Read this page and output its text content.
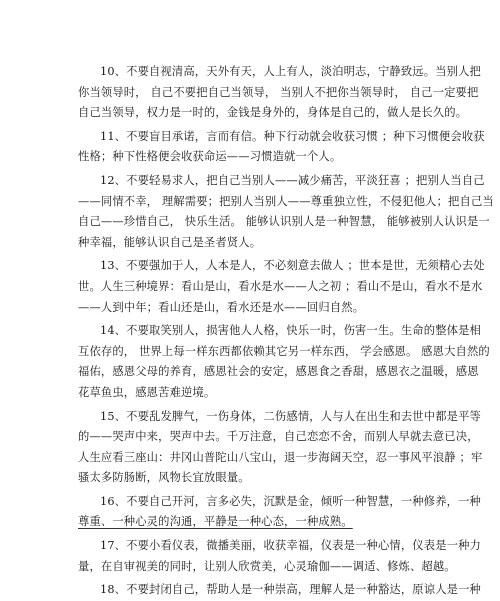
10、不要自视清高，天外有天，人上有人，淡泊明志，宁静致远。当别人把
你当领导时， 自己不要把自己当领导， 当别人不把你当领导时， 自己一定要把
自己当领导，权力是一时的，金钱是身外的，身体是自己的，做人是长久的。

11、不要盲目承诺，言而有信。种下行动就会收获习惯 ；种下习惯便会收获
性格；种下性格便会收获命运——习惯造就一个人。

12、不要轻易求人，把自己当别人——减少痛苦，平淡狂喜 ；把别人当自己
——同情不幸， 理解需要；把别人当别人——尊重独立性，不侵犯他人；把自己当
自己——珍惜自己， 快乐生活。 能够认识别人是一种智慧， 能够被别人认识是一
种幸福，能够认识自己是圣者贤人。

13、不要强加于人，人本是人，不必刻意去做人 ；世本是世，无须精心去处
世。人生三种境界：看山是山，看水是水——人之初 ；看山不是山，看水不是水
——人到中年；看山还是山，看水还是水——回归自然。

14、不要取笑别人，损害他人人格，快乐一时，伤害一生。生命的整体是相
互依存的， 世界上每一样东西都依赖其它另一样东西， 学会感恩。 感恩大自然的
福佑，感恩父母的养育，感恩社会的安定，感恩食之香甜，感恩衣之温暖，感恩
花草鱼虫，感恩苦难逆境。

15、不要乱发脾气，一伤身体，二伤感情，人与人在出生和去世中都是平等
的——哭声中来，哭声中去。千万注意，自己恋恋不舍，而别人早就去意已决，
人生应看三座山：井冈山普陀山八宝山，退一步海阔天空，忍一事风平浪静 ；牢
骚太多防肠断，风物长宜放眼量。

16、不要自己开河，言多必失，沉默是金，倾听一种智慧，一种修养，一种
尊重、一种心灵的沟通，平静是一种心态，一种成熟。

17、不要小看仪表，微播美丽，收获幸福，仪表是一种心情，仪表是一种力
量，在自审视美的同时，让别人欣赏美，心灵瑜伽——调适、修炼、超越。

18、不要封闭自己，帮助人是一种崇高，理解人是一种豁达，原谅人是一种
